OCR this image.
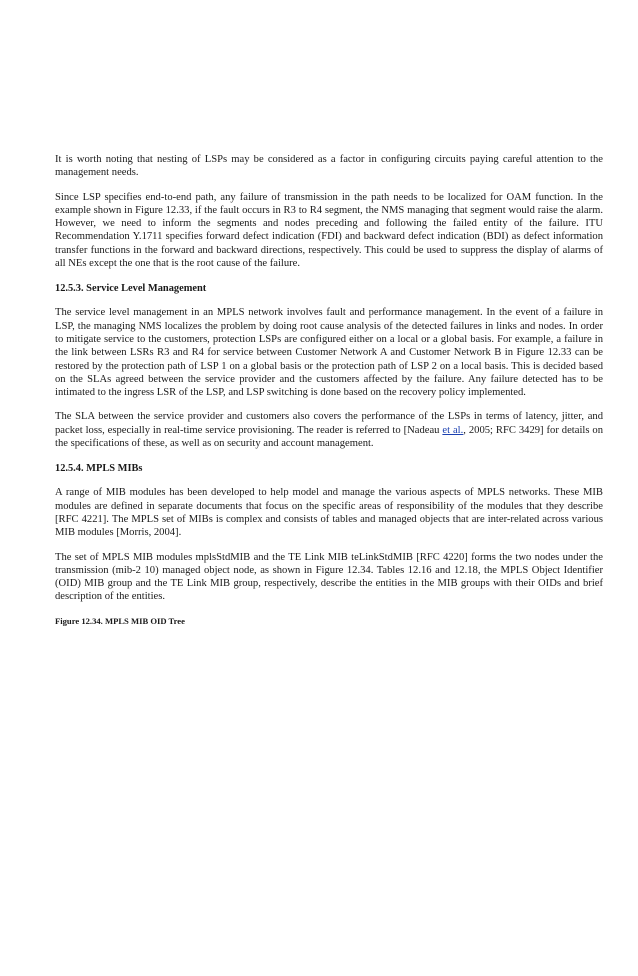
It is worth noting that nesting of LSPs may be considered as a factor in configuring circuits paying careful attention to the management needs.

Since LSP specifies end-to-end path, any failure of transmission in the path needs to be localized for OAM function. In the example shown in Figure 12.33, if the fault occurs in R3 to R4 segment, the NMS managing that segment would raise the alarm. However, we need to inform the segments and nodes preceding and following the failed entity of the failure. ITU Recommendation Y.1711 specifies forward defect indication (FDI) and backward defect indication (BDI) as defect information transfer functions in the forward and backward directions, respectively. This could be used to suppress the display of alarms of all NEs except the one that is the root cause of the failure.

12.5.3. Service Level Management

The service level management in an MPLS network involves fault and performance management. In the event of a failure in LSP, the managing NMS localizes the problem by doing root cause analysis of the detected failures in links and nodes. In order to mitigate service to the customers, protection LSPs are configured either on a local or a global basis. For example, a failure in the link between LSRs R3 and R4 for service between Customer Network A and Customer Network B in Figure 12.33 can be restored by the protection path of LSP 1 on a global basis or the protection path of LSP 2 on a local basis. This is decided based on the SLAs agreed between the service provider and the customers affected by the failure. Any failure detected has to be intimated to the ingress LSR of the LSP, and LSP switching is done based on the recovery policy implemented.

The SLA between the service provider and customers also covers the performance of the LSPs in terms of latency, jitter, and packet loss, especially in real-time service provisioning. The reader is referred to [Nadeau et al., 2005; RFC 3429] for details on the specifications of these, as well as on security and account management.

12.5.4. MPLS MIBs

A range of MIB modules has been developed to help model and manage the various aspects of MPLS networks. These MIB modules are defined in separate documents that focus on the specific areas of responsibility of the modules that they describe [RFC 4221]. The MPLS set of MIBs is complex and consists of tables and managed objects that are inter-related across various MIB modules [Morris, 2004].

The set of MPLS MIB modules mplsStdMIB and the TE Link MIB teLinkStdMIB [RFC 4220] forms the two nodes under the transmission (mib-2 10) managed object node, as shown in Figure 12.34. Tables 12.16 and 12.18, the MPLS Object Identifier (OID) MIB group and the TE Link MIB group, respectively, describe the entities in the MIB groups with their OIDs and brief description of the entities.

Figure 12.34. MPLS MIB OID Tree
